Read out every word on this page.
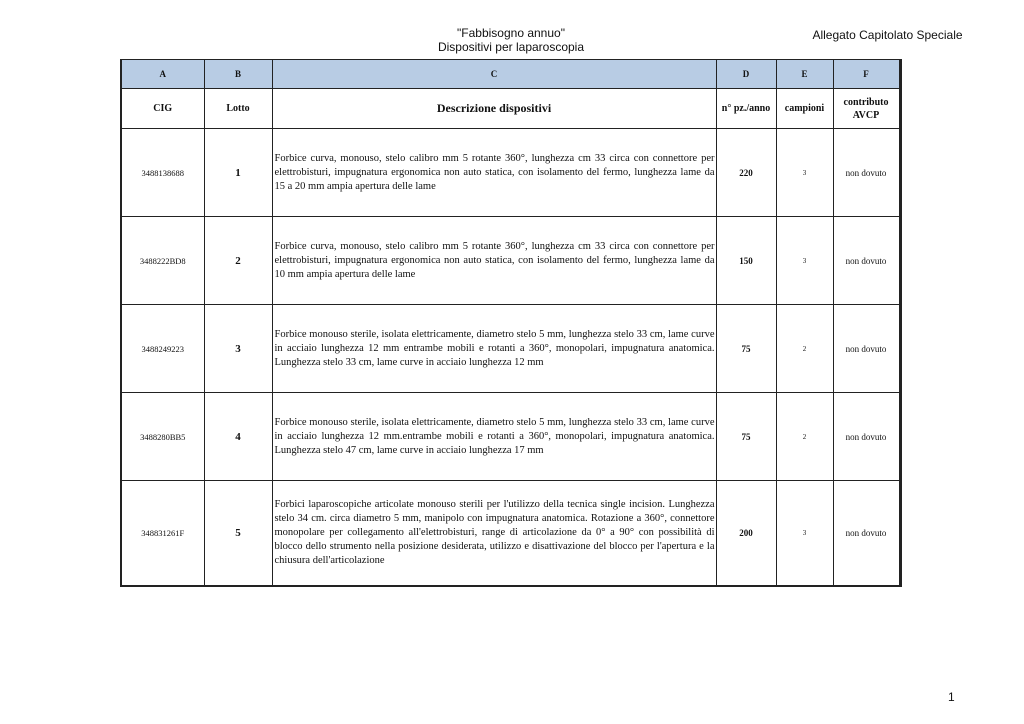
"Fabbisogno annuo"
Dispositivi per laparoscopia
Allegato Capitolato Speciale
A	B	C	D	E	F
CIG	Lotto	Descrizione dispositivi	n° pz./anno	campioni	contributo
AVCP

3488138688	1	Forbice curva, monouso, stelo calibro mm 5 rotante 360°, lunghezza cm 33 circa con connettore per elettrobisturi, impugnatura ergonomica non auto statica, con isolamento del fermo, lunghezza lame da 15 a 20 mm ampia apertura delle lame	220	3	non dovuto
3488222BD8	2	Forbice curva, monouso, stelo calibro mm 5 rotante 360°, lunghezza cm 33 circa con connettore per elettrobisturi, impugnatura ergonomica non auto statica, con isolamento del fermo, lunghezza lame da 10 mm ampia apertura delle lame	150	3	non dovuto
3488249223	3	Forbice monouso sterile, isolata elettricamente, diametro stelo 5 mm, lunghezza stelo 33 cm, lame curve in acciaio lunghezza 12 mm entrambe mobili e rotanti a 360°, monopolari, impugnatura anatomica. Lunghezza stelo 33 cm, lame curve in acciaio lunghezza 12 mm	75	2	non dovuto
3488280BB5	4	Forbice monouso sterile, isolata elettricamente, diametro stelo 5 mm, lunghezza stelo 33 cm, lame curve in acciaio lunghezza 12 mm.entrambe mobili e rotanti a 360°, monopolari, impugnatura anatomica. Lunghezza stelo 47 cm, lame curve in acciaio lunghezza 17 mm	75	2	non dovuto
348831261F	5	Forbici laparoscopiche articolate monouso sterili per l'utilizzo della tecnica single incision. Lunghezza stelo 34 cm. circa diametro 5 mm, manipolo con impugnatura anatomica. Rotazione a 360°, connettore monopolare per collegamento all'elettrobisturi, range di articolazione da 0° a 90° con possibilità di blocco dello strumento nella posizione desiderata, utilizzo e disattivazione del blocco per l'apertura e la chiusura dell'articolazione	200	3	non dovuto
1
